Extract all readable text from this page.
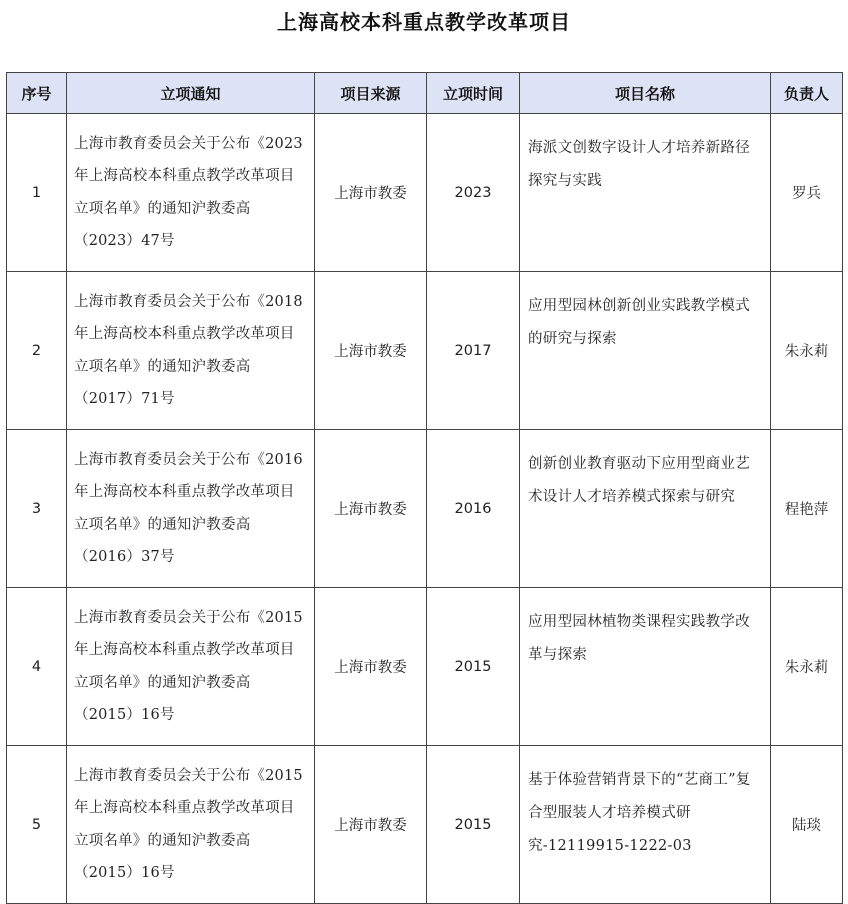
上海高校本科重点教学改革项目
序号	立项通知	项目来源	立项时间	项目名称	负责人
1	上海市教育委员会关于公布《2023年上海高校本科重点教学改革项目立项名单》的通知沪教委高（2023）47号	上海市教委	2023	海派文创数字设计人才培养新路径探究与实践	罗兵
2	上海市教育委员会关于公布《2018年上海高校本科重点教学改革项目立项名单》的通知沪教委高（2017）71号	上海市教委	2017	应用型园林创新创业实践教学模式的研究与探索	朱永莉
3	上海市教育委员会关于公布《2016年上海高校本科重点教学改革项目立项名单》的通知沪教委高（2016）37号	上海市教委	2016	创新创业教育驱动下应用型商业艺术设计人才培养模式探索与研究	程艳萍
4	上海市教育委员会关于公布《2015年上海高校本科重点教学改革项目立项名单》的通知沪教委高（2015）16号	上海市教委	2015	应用型园林植物类课程实践教学改革与探索	朱永莉
5	上海市教育委员会关于公布《2015年上海高校本科重点教学改革项目立项名单》的通知沪教委高（2015）16号	上海市教委	2015	基于体验营销背景下的“艺商工”复合型服装人才培养模式研究-12119915-1222-03	陆琰
